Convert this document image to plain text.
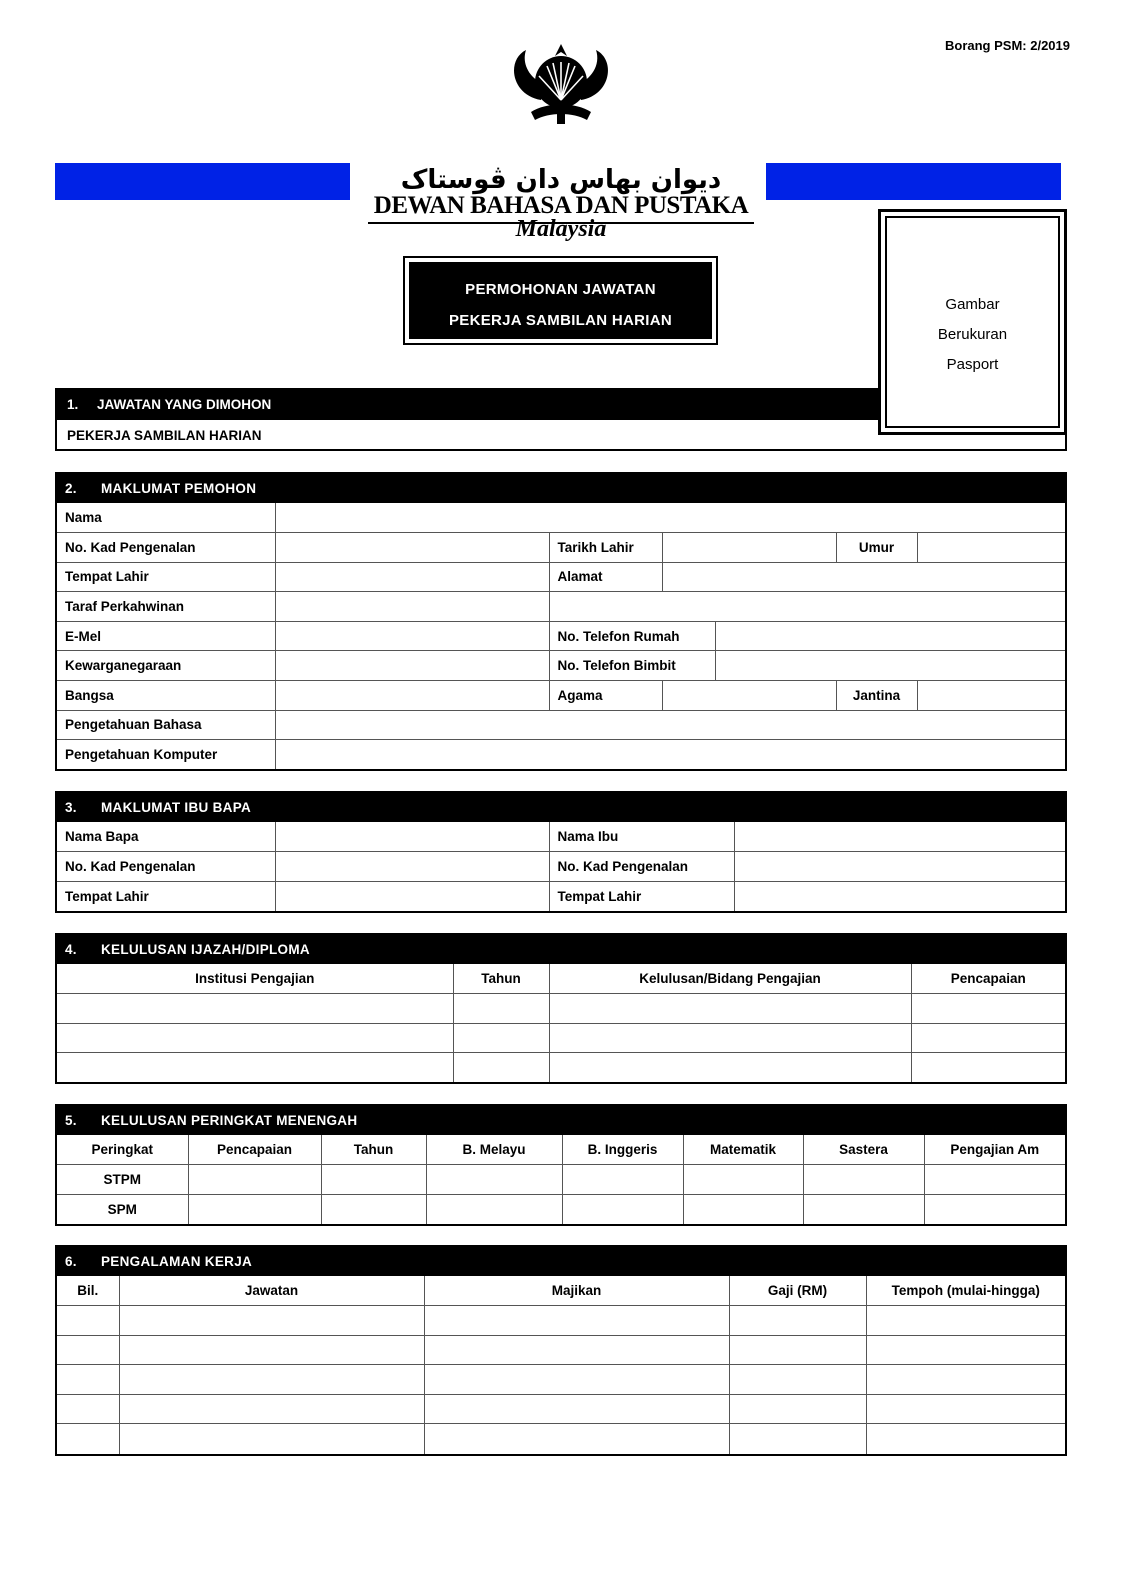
Borang PSM: 2/2019
ديوان بهاس دان ڤوستاک
DEWAN BAHASA DAN PUSTAKA
Malaysia
PERMOHONAN JAWATAN
PEKERJA SAMBILAN HARIAN
Gambar
Berukuran
Pasport
1. JAWATAN YANG DIMOHON
PEKERJA SAMBILAN HARIAN
2. MAKLUMAT PEMOHON
Nama						
No. Kad Pengenalan		Tarikh Lahir			Umur	
Tempat Lahir		Alamat				
Taraf Perkahwinan						
E-Mel		No. Telefon Rumah				
Kewarganegaraan		No. Telefon Bimbit				
Bangsa		Agama			Jantina	
Pengetahuan Bahasa						
Pengetahuan Komputer						
3. MAKLUMAT IBU BAPA
Nama Bapa		Nama Ibu	
No. Kad Pengenalan		No. Kad Pengenalan	
Tempat Lahir		Tempat Lahir	
4. KELULUSAN IJAZAH/DIPLOMA
Institusi Pengajian	Tahun	Kelulusan/Bidang Pengajian	Pencapaian

5. KELULUSAN PERINGKAT MENENGAH
Peringkat	Pencapaian	Tahun	B. Melayu	B. Inggeris	Matematik	Sastera	Pengajian Am
STPM							
SPM							
6. PENGALAMAN KERJA
Bil.	Jawatan	Majikan	Gaji (RM)	Tempoh (mulai-hingga)
